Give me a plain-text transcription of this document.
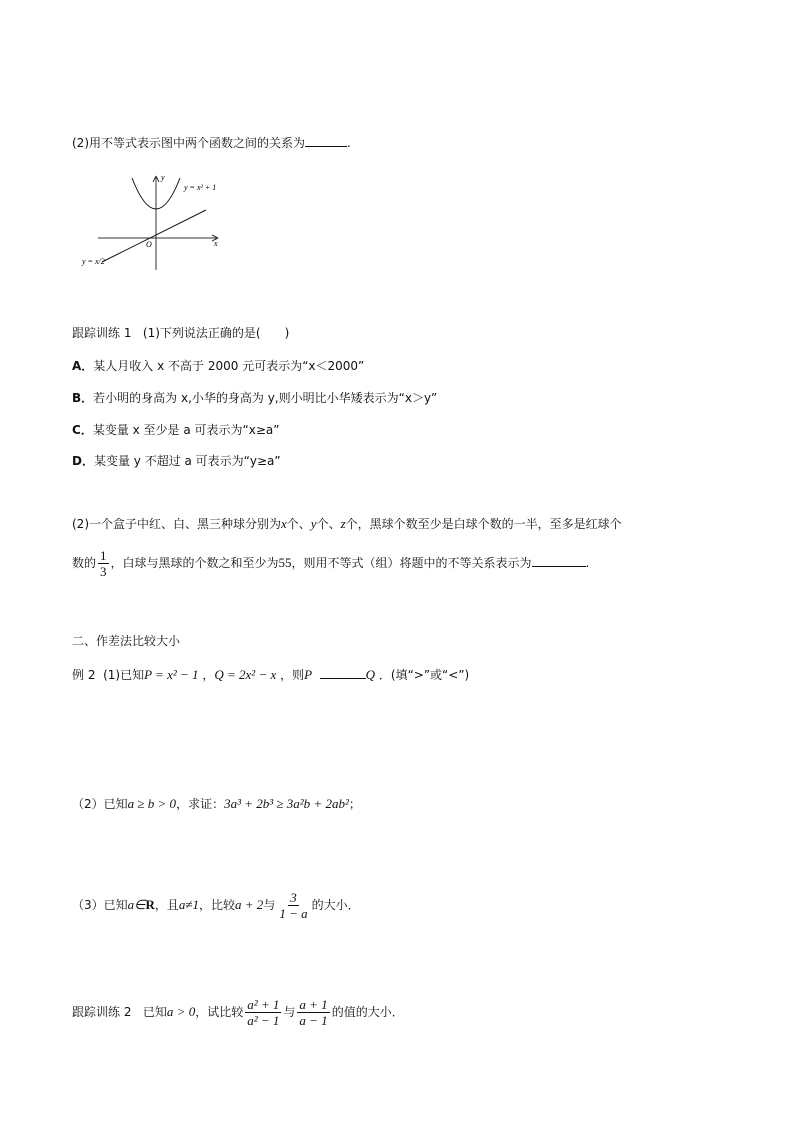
(2)用不等式表示图中两个函数之间的关系为	.
y
x
O
y = x² + 1
y = x/2
跟踪训练 1 (1)下列说法正确的是(　　)
A．某人月收入 x 不高于 2000 元可表示为“x＜2000”
B．若小明的身高为 x,小华的身高为 y,则小明比小华矮表示为“x＞y”
C．某变量 x 至少是 a 可表示为“x≥a”
D．某变量 y 不超过 a 可表示为“y≥a”
(2)一个盒子中红、白、黑三种球分别为x个、y个、z个，黑球个数至少是白球个数的一半，至多是红球个
数的 $\frac{1}{3}$ ，白球与黑球的个数之和至少为55，则用不等式（组）将题中的不等关系表示为	.
二、作差法比较大小
例 2 (1)已知P = x² − 1 ，Q = 2x² − x ，则P	Q ．(填“>”或“<”)
（2）已知a ≥ b > 0，求证：3a³ + 2b³ ≥ 3a²b + 2ab²；
（3）已知a∈R，且a≠1，比较a + 2与 $\frac{3}{1 - a}$ 的大小．
跟踪训练 2 已知a > 0，试比较 $\frac{\text{a² + 1}}{\text{a² − 1}}$ 与 $\frac{a + 1}{a - 1}$ 的值的大小．
